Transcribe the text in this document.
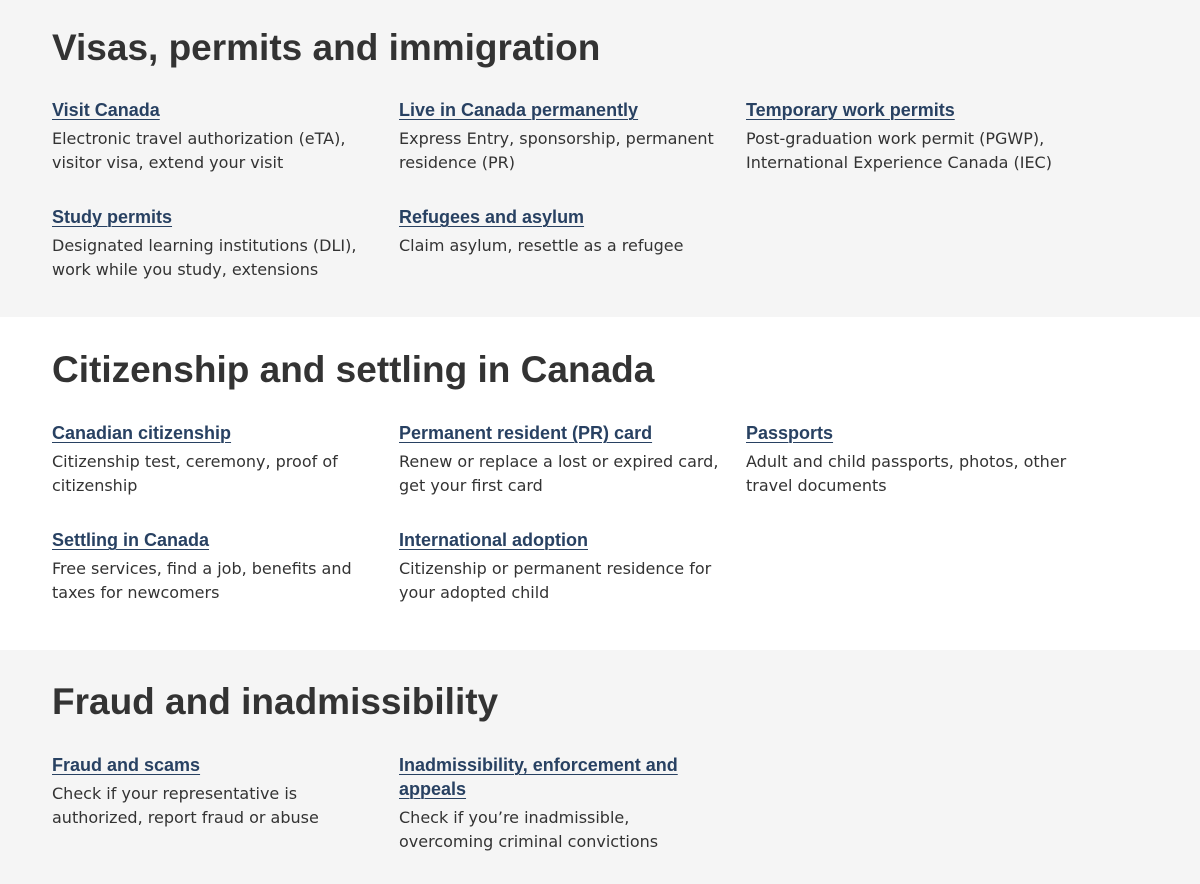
Visas, permits and immigration
Visit Canada

Electronic travel authorization (eTA), visitor visa, extend your visit

Live in Canada permanently

Express Entry, sponsorship, permanent residence (PR)

Temporary work permits

Post-graduation work permit (PGWP), International Experience Canada (IEC)

Study permits

Designated learning institutions (DLI), work while you study, extensions

Refugees and asylum

Claim asylum, resettle as a refugee

Citizenship and settling in Canada
Canadian citizenship

Citizenship test, ceremony, proof of citizenship

Permanent resident (PR) card

Renew or replace a lost or expired card, get your first card

Passports

Adult and child passports, photos, other travel documents

Settling in Canada

Free services, find a job, benefits and taxes for newcomers

International adoption

Citizenship or permanent residence for your adopted child

Fraud and inadmissibility
Fraud and scams

Check if your representative is authorized, report fraud or abuse

Inadmissibility, enforcement and appeals

Check if you’re inadmissible, overcoming criminal convictions
